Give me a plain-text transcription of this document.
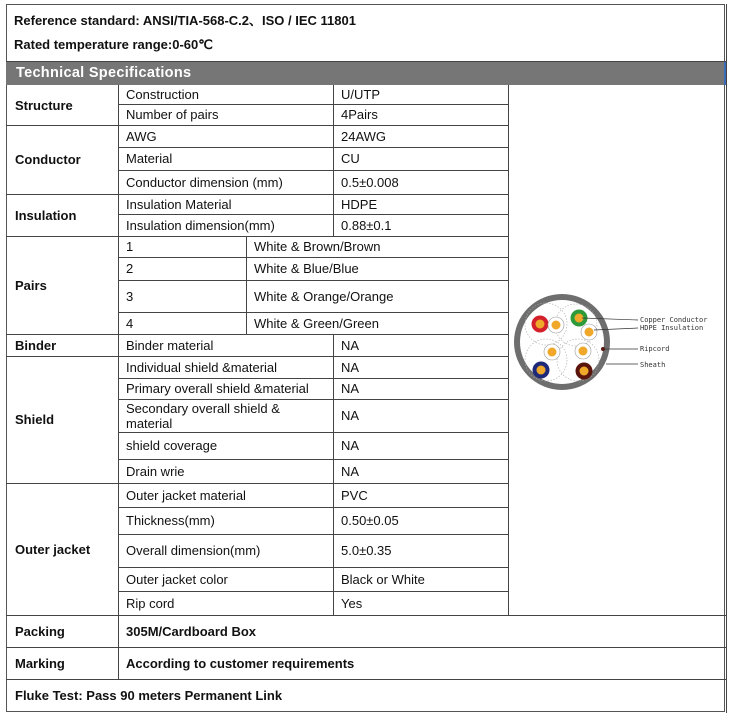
Reference standard: ANSI/TIA-568-C.2、ISO / IEC 11801
Rated temperature range:0-60℃
Technical Specifications
Structure
Construction	U/UTP
Number of pairs	4Pairs
Conductor
AWG	24AWG
Material	CU
Conductor dimension (mm)	0.5±0.008
Insulation
Insulation Material	HDPE
Insulation dimension(mm)	0.88±0.1
Pairs
1	White & Brown/Brown
2	White & Blue/Blue
3	White & Orange/Orange
4	White & Green/Green
Binder	Binder material	NA
Shield
Individual shield &material	NA
Primary overall shield &material	NA
Secondary overall shield & material	NA
shield coverage	NA
Drain wrie	NA
Outer jacket
Outer jacket material	PVC
Thickness(mm)	0.50±0.05
Overall dimension(mm)	5.0±0.35
Outer jacket color	Black or White
Rip cord	Yes
Packing	305M/Cardboard Box
Marking	According to customer requirements
Fluke Test: Pass 90 meters Permanent Link
Copper Conductor
HDPE Insulation
Ripcord
Sheath
